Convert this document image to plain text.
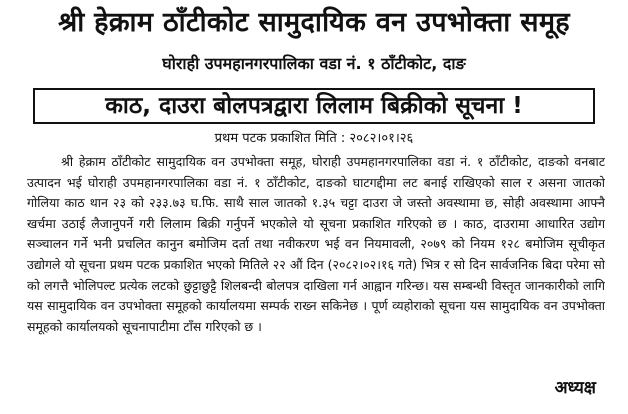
श्री हेक्राम ठाँटीकोट सामुदायिक वन उपभोक्ता समूह
घोराही उपमहानगरपालिका वडा नं. १ ठाँटीकोट, दाङ
काठ, दाउरा बोलपत्रद्वारा लिलाम बिक्रीको सूचना !
प्रथम पटक प्रकाशित मिति : २०८२।०१।२६

श्री हेक्राम ठाँटीकोट सामुदायिक वन उपभोक्ता समूह, घोराही उपमहानगरपालिका वडा नं. १ ठाँटीकोट, दाङको वनबाट उत्पादन भई घोराही उपमहानगरपालिका वडा नं. १ ठाँटीकोट, दाङको घाटगद्दीमा लट बनाई राखिएको साल र असना जातको गोलिया काठ थान २३ को २३३.७३ घ.फि. साथै साल जातको १.३५ चट्टा दाउरा जे जस्तो अवस्थामा छ, सोही अवस्थामा आफ्नै खर्चमा उठाई लैजानुपर्ने गरी लिलाम बिक्री गर्नुपर्ने भएकोले यो सूचना प्रकाशित गरिएको छ । काठ, दाउरामा आधारित उद्योग सञ्चालन गर्ने भनी प्रचलित कानुन बमोजिम दर्ता तथा नवीकरण भई वन नियमावली, २०७९ को नियम १२८ बमोजिम सूचीकृत उद्योगले यो सूचना प्रथम पटक प्रकाशित भएको मितिले २२ औं दिन (२०८२।०२।१६ गते) भित्र र सो दिन सार्वजनिक बिदा परेमा सो को लगत्तै भोलिपल्ट प्रत्येक लटको छुट्टाछुट्टै शिलबन्दी बोलपत्र दाखिला गर्न आह्वान गरिन्छ। यस सम्बन्धी विस्तृत जानकारीको लागि यस सामुदायिक वन उपभोक्ता समूहको कार्यालयमा सम्पर्क राख्न सकिनेछ । पूर्ण व्यहोराको सूचना यस सामुदायिक वन उपभोक्ता समूहको कार्यालयको सूचनापाटीमा टाँस गरिएको छ ।

अध्यक्ष
